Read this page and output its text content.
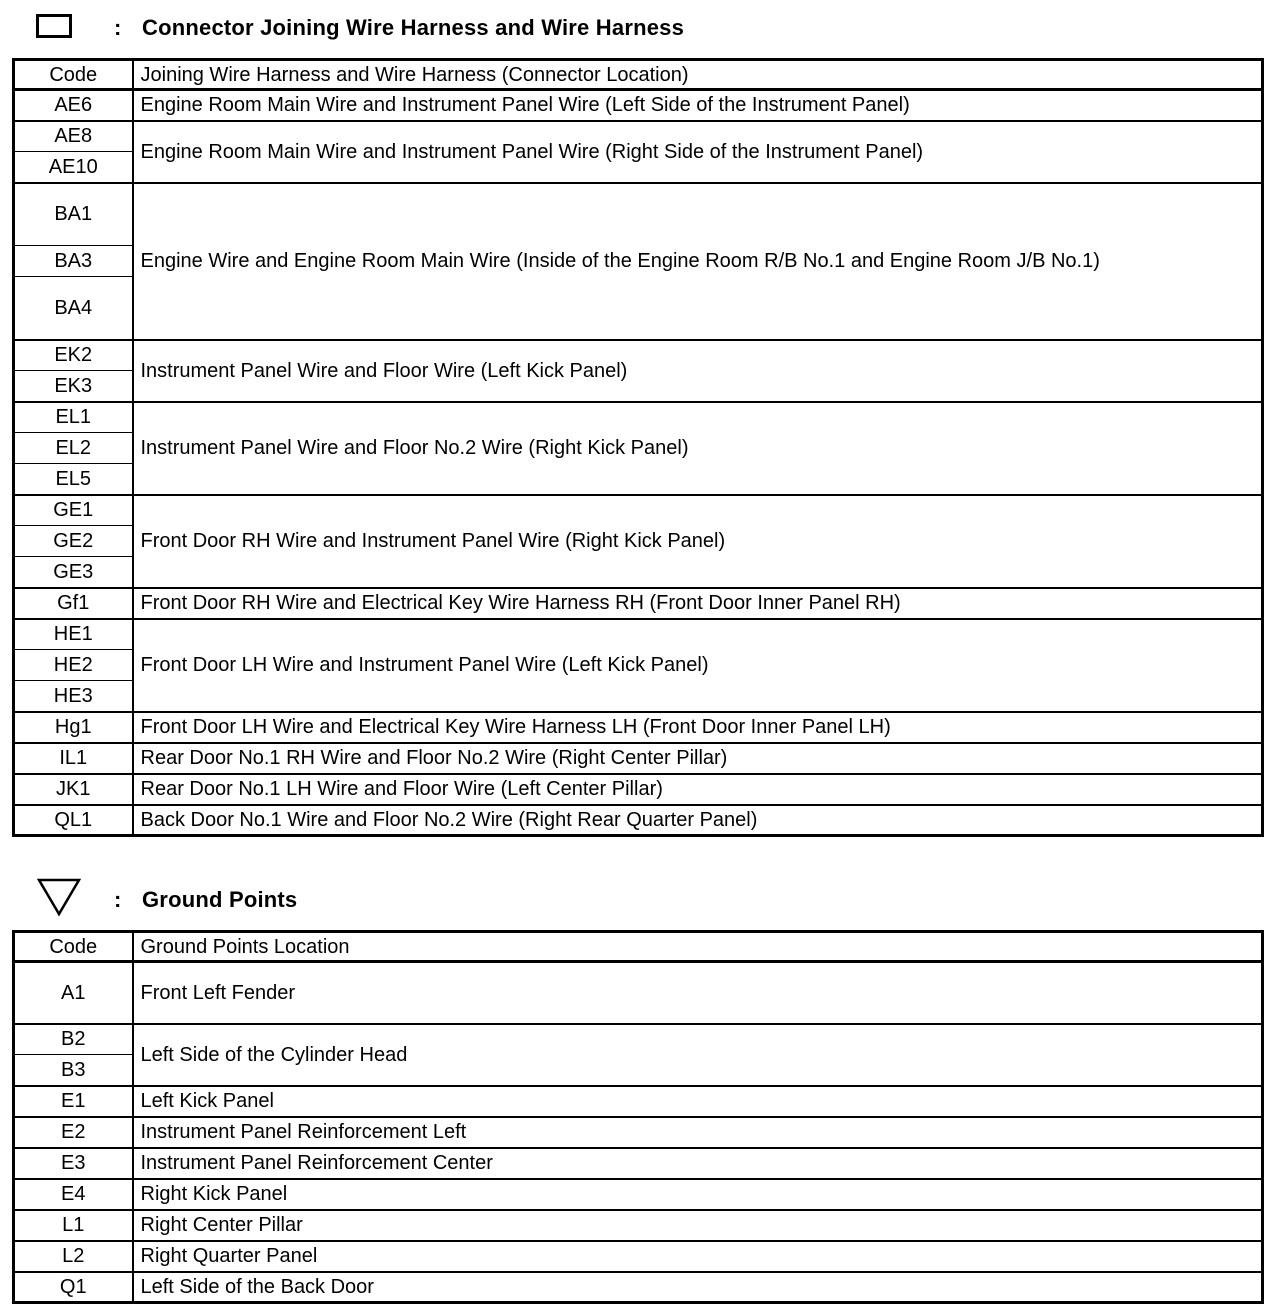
: Connector Joining Wire Harness and Wire Harness
Code	Joining Wire Harness and Wire Harness (Connector Location)
AE6	Engine Room Main Wire and Instrument Panel Wire (Left Side of the Instrument Panel)
AE8	Engine Room Main Wire and Instrument Panel Wire (Right Side of the Instrument Panel)
AE10	
BA1	Engine Wire and Engine Room Main Wire (Inside of the Engine Room R/B No.1 and Engine Room J/B No.1)
BA3	
BA4	
EK2	Instrument Panel Wire and Floor Wire (Left Kick Panel)
EK3	
EL1	Instrument Panel Wire and Floor No.2 Wire (Right Kick Panel)
EL2	
EL5	
GE1	Front Door RH Wire and Instrument Panel Wire (Right Kick Panel)
GE2	
GE3	
Gf1	Front Door RH Wire and Electrical Key Wire Harness RH (Front Door Inner Panel RH)
HE1	Front Door LH Wire and Instrument Panel Wire (Left Kick Panel)
HE2	
HE3	
Hg1	Front Door LH Wire and Electrical Key Wire Harness LH (Front Door Inner Panel LH)
IL1	Rear Door No.1 RH Wire and Floor No.2 Wire (Right Center Pillar)
JK1	Rear Door No.1 LH Wire and Floor Wire (Left Center Pillar)
QL1	Back Door No.1 Wire and Floor No.2 Wire (Right Rear Quarter Panel)
: Ground Points
Code	Ground Points Location
A1	Front Left Fender
B2	Left Side of the Cylinder Head
B3	
E1	Left Kick Panel
E2	Instrument Panel Reinforcement Left
E3	Instrument Panel Reinforcement Center
E4	Right Kick Panel
L1	Right Center Pillar
L2	Right Quarter Panel
Q1	Left Side of the Back Door
